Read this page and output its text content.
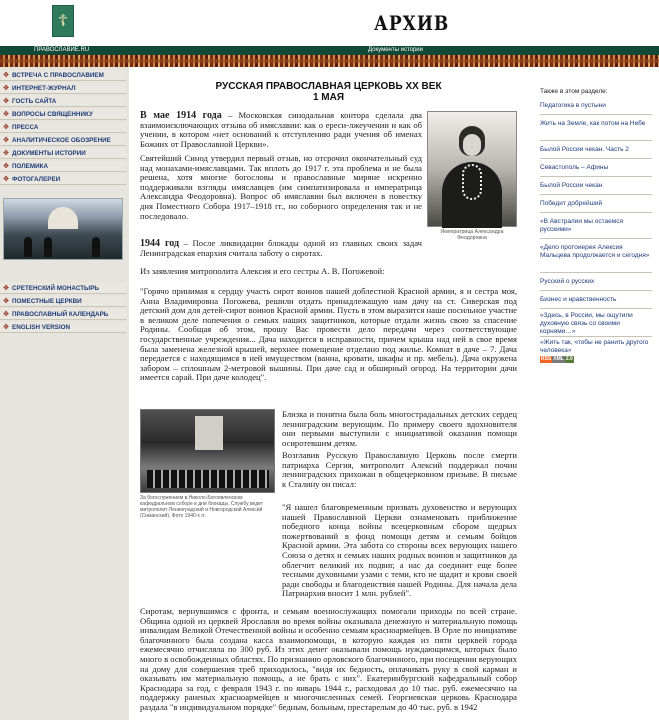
☦	АРХИВ
ПРАВОСЛАВИЕ.RU	Документы истории
✥ ВСТРЕЧА С ПРАВОСЛАВИЕМ
✥ ИНТЕРНЕТ-ЖУРНАЛ
✥ ГОСТЬ САЙТА
✥ ВОПРОСЫ СВЯЩЕННИКУ
✥ ПРЕССА
✥ АНАЛИТИЧЕСКОЕ ОБОЗРЕНИЕ
✥ ДОКУМЕНТЫ ИСТОРИИ
✥ ПОЛЕМИКА
✥ ФОТОГАЛЕРЕИ
✥ СРЕТЕНСКИЙ МОНАСТЫРЬ
✥ ПОМЕСТНЫЕ ЦЕРКВИ
✥ ПРАВОСЛАВНЫЙ КАЛЕНДАРЬ
✥ ENGLISH VERSION
РУССКАЯ ПРАВОСЛАВНАЯ ЦЕРКОВЬ XX ВЕК
1 МАЯ
Императрица Александра Феодоровна
В мае 1914 года – Московская синодальная контора сделала два взаимоисключающих отзыва об имяславии: как о ереси-лжеучении и как об учении, в котором «нет оснований к отступлению ради учения об именах Божиих от Православной Церкви».
Святейший Синод утвердил первый отзыв, но отсрочил окончательный суд над монахами-имяславцами. Так вплоть до 1917 г. эта проблема и не была решена, хотя многие богословы и православные миряне искренно поддерживали взгляды имяславцев (им симпатизировала и императрица Александра Феодоровна). Вопрос об имяславии был включен в повестку дня Поместного Собора 1917–1918 гг., но соборного определения так и не последовало.
1944 год – После ликвидации блокады одной из главных своих задач Ленинградская епархия считала заботу о сиротах.
Из заявления митрополита Алексия и его сестры А. В. Погожевой:
"Горячо принимая к сердцу участь сирот воинов нашей доблестной Красной армии, я и сестра моя, Анна Владимировна Погожева, решили отдать принадлежащую нам дачу на ст. Сиверская под детский дом для детей-сирот воинов Красной армии. Пусть в этом выразится наше посильное участие в великом деле попечения о семьях наших защитников, которые отдали жизнь свою за спасение Родины. Сообщая об этом, прошу Вас провести дело передачи через соответствующие государственные учреждения... Дача находится в исправности, причем крыша над ней в свое время была заменена железной крышей, верхнее помещение отделано под жилье. Комнат в даче – 7. Дача передается с находящимся в ней имуществом (ванна, кровати, шкафы и пр. мебель). Дача окружена забором – сплошным 2-метровой вышины. При даче сад и обширный огород. На территории дачи имеется сарай. При даче колодец".
За богослужением в Николо-Богоявленском кафедральном соборе в дни блокады. Службу ведет митрополит Ленинградский и Новгородский Алексий (Симанский). Фото 1940-х гг.
Близка и понятна была боль многострадальных детских сердец ленинградским верующим. По примеру своего вдохновителя они первыми выступили с инициативой оказания помощи осиротевшим детям.
Возглавив Русскую Православную Церковь после смерти патриарха Сергия, митрополит Алексий поддержал почин ленинградских прихожан в общецерковном призыве. В письме к Сталину он писал:
"Я нашел благовременным призвать духовенство и верующих нашей Православной Церкви ознаменовать приближение победного конца войны всецерковным сбором щедрых пожертвований в фонд помощи детям и семьям бойцов Красной армии. Эта забота со стороны всех верующих нашего Союза о детях и семьях наших родных воинов и защитников да облегчит великий их подвиг, а нас да соединит еще более тесными духовными узами с теми, кто не щадит и крови своей ради свободы и благоденствия нашей Родины. Для начала дела Патриархия вносит 1 млн. рублей".
Сиротам, вернувшимся с фронта, и семьям военнослужащих помогали приходы по всей стране. Община одной из церквей Ярославля во время войны оказывала денежную и материальную помощь инвалидам Великой Отечественной войны и особенно семьям красноармейцев. В Орле по инициативе благочинного была создана касса взаимопомощи, в которую каждая из пяти церквей города ежемесячно отчисляла по 300 руб. Из этих денег оказывали помощь нуждающимся, которых было много в освобожденных областях. По признанию орловского благочинного, при посещении верующих на дому для совершения треб приходилось, "видя их бедность, оплачивать руку в свой карман и оказывать им материальную помощь, а не брать с них". Екатеринбургский кафедральный собор Краснодара за год, с февраля 1943 г. по январь 1944 г., расходовал до 10 тыс. руб. ежемесячно на поддержку раненых красноармейцев и многочисленных семей. Георгиевская церковь Краснодара раздала "в индивидуальном порядке" бедным, больным, престарелым до 40 тыс. руб. в 1942
Также в этом разделе:
Педагогика в пустыни
Жить на Земле, как потом на Небе
Былой России чекан. Часть 2
Севастополь – Афины
Былой России чекан
Победит добрейший
«В Австралии мы остаемся русскими»
«Дело протоиерея Алексия Мальцева продолжается и сегодня»
Русский о русских
Бизнес и нравственность
«Здесь, в России, мы ощутили духовную связь со своими корнями…»
«Жить так, чтобы не ранить другого человека»
RSS XML 2.0
